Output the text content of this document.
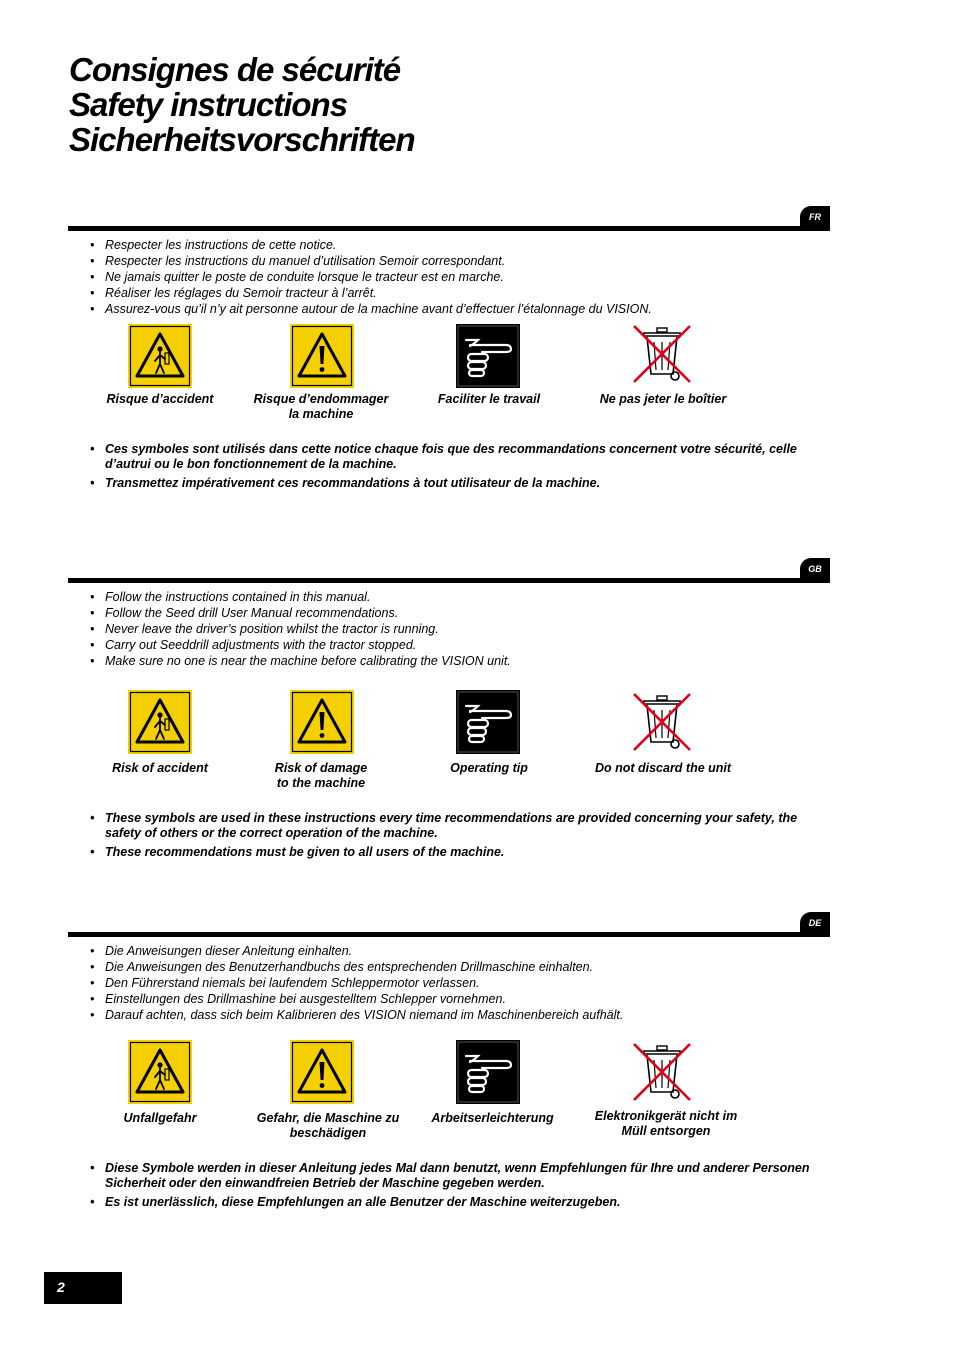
Consignes de sécurité
Safety instructions
Sicherheitsvorschriften
FR
• Respecter les instructions de cette notice.
• Respecter les instructions du manuel d’utilisation Semoir correspondant.
• Ne jamais quitter le poste de conduite lorsque le tracteur est en marche.
• Réaliser les réglages du Semoir tracteur à l’arrêt.
• Assurez-vous qu’il n’y ait personne autour de la machine avant d’effectuer l’étalonnage du VISION.
Risque d’accident	Risque d’endommager
la machine
Faciliter le travail	Ne pas jeter le boîtier
• Ces symboles sont utilisés dans cette notice chaque fois que des recommandations concernent votre sécurité, celle d’autrui ou le bon fonctionnement de la machine.
• Transmettez impérativement ces recommandations à tout utilisateur de la machine.
GB
• Follow the instructions contained in this manual.
• Follow the Seed drill User Manual recommendations.
• Never leave the driver’s position whilst the tractor is running.
• Carry out Seeddrill adjustments with the tractor stopped.
• Make sure no one is near the machine before calibrating the VISION unit.
Risk of accident	Risk of damage
to the machine
Operating tip	Do not discard the unit
• These symbols are used in these instructions every time recommendations are provided concerning your safety, the safety of others or the correct operation of the machine.
• These recommendations must be given to all users of the machine.
DE
• Die Anweisungen dieser Anleitung einhalten.
• Die Anweisungen des Benutzerhandbuchs des entsprechenden Drillmaschine einhalten.
• Den Führerstand niemals bei laufendem Schleppermotor verlassen.
• Einstellungen des Drillmashine bei ausgestelltem Schlepper vornehmen.
• Darauf achten, dass sich beim Kalibrieren des VISION niemand im Maschinenbereich aufhält.
Unfallgefahr	Gefahr, die Maschine zu
beschädigen
Arbeitserleichterung	Elektronikgerät nicht im
Müll entsorgen
• Diese Symbole werden in dieser Anleitung jedes Mal dann benutzt, wenn Empfehlungen für Ihre und anderer Personen Sicherheit oder den einwandfreien Betrieb der Maschine gegeben werden.
• Es ist unerlässlich, diese Empfehlungen an alle Benutzer der Maschine weiterzugeben.
2
